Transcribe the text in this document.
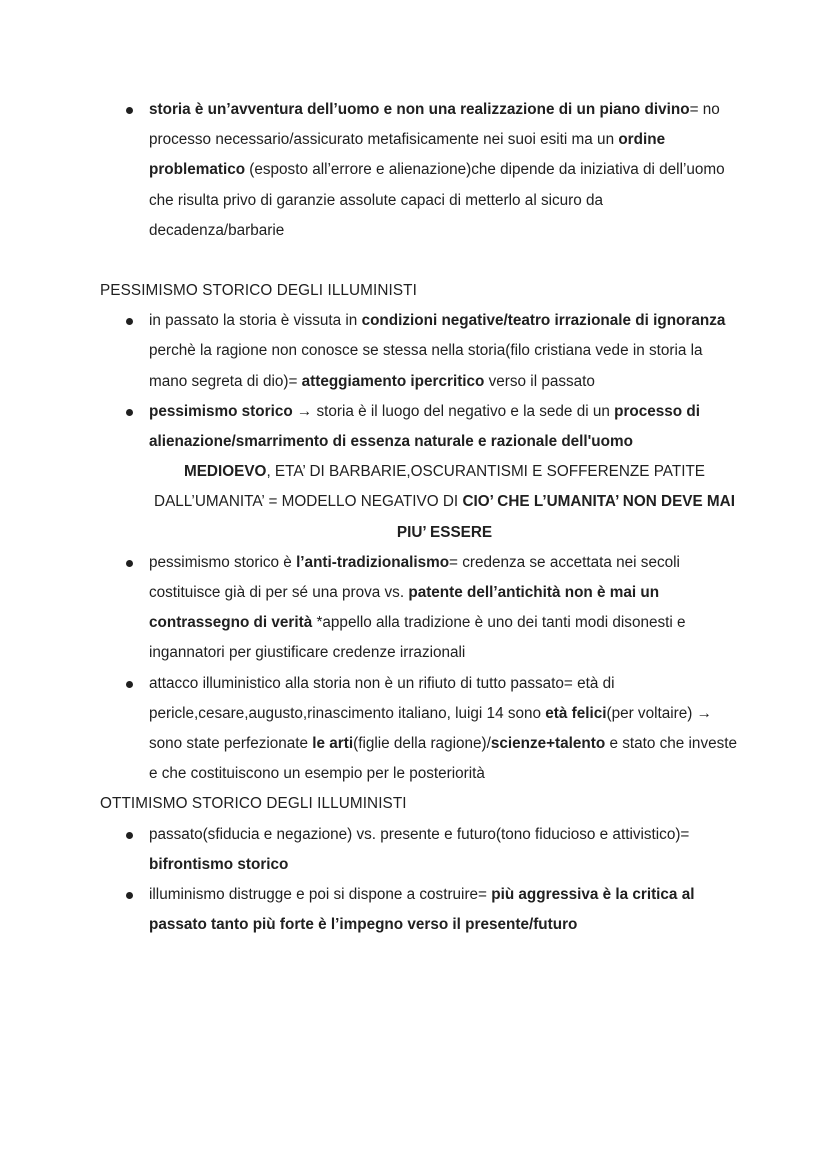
storia è un’avventura dell’uomo e non una realizzazione di un piano divino= no processo necessario/assicurato metafisicamente nei suoi esiti ma un ordine problematico (esposto all’errore e alienazione)che dipende da iniziativa di dell’uomo che risulta privo di garanzie assolute capaci di metterlo al sicuro da decadenza/barbarie
PESSIMISMO STORICO DEGLI ILLUMINISTI
in passato la storia è vissuta in condizioni negative/teatro irrazionale di ignoranza perchè la ragione non conosce se stessa nella storia(filo cristiana vede in storia la mano segreta di dio)= atteggiamento ipercritico verso il passato
pessimismo storico → storia è il luogo del negativo e la sede di un processo di alienazione/smarrimento di essenza naturale e razionale dell'uomo
MEDIOEVO, ETA’ DI BARBARIE,OSCURANTISMI E SOFFERENZE PATITE DALL’UMANITA’ = MODELLO NEGATIVO DI CIO’ CHE L’UMANITA’ NON DEVE MAI PIU’ ESSERE
pessimismo storico è l’anti-tradizionalismo= credenza se accettata nei secoli costituisce già di per sé una prova vs. patente dell’antichità non è mai un contrassegno di verità *appello alla tradizione è uno dei tanti modi disonesti e ingannatori per giustificare credenze irrazionali
attacco illuministico alla storia non è un rifiuto di tutto passato= età di pericle,cesare,augusto,rinascimento italiano, luigi 14 sono età felici(per voltaire) → sono state perfezionate le arti(figlie della ragione)/scienze+talento e stato che investe e che costituiscono un esempio per le posteriorità
OTTIMISMO STORICO DEGLI ILLUMINISTI
passato(sfiducia e negazione) vs. presente e futuro(tono fiducioso e attivistico)= bifrontismo storico
illuminismo distrugge e poi si dispone a costruire= più aggressiva è la critica al passato tanto più forte è l’impegno verso il presente/futuro
